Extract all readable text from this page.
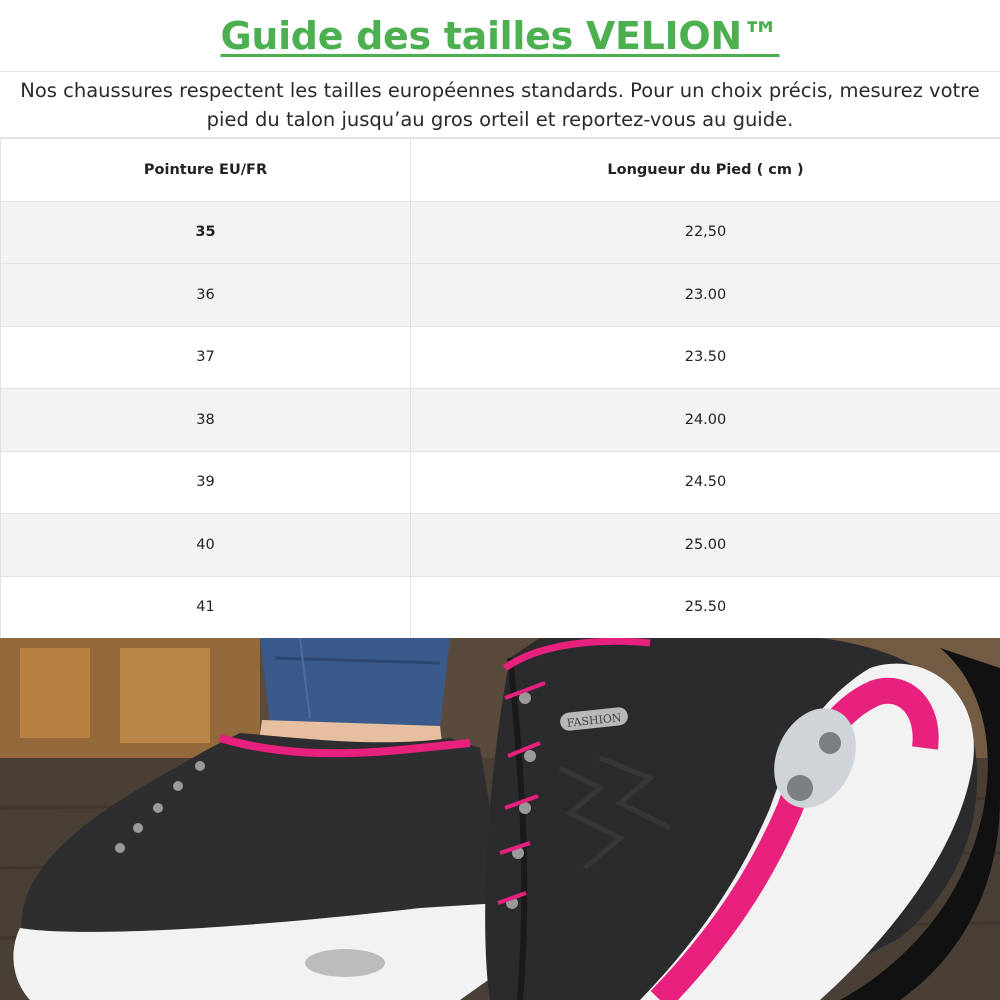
Guide des tailles VELION™

Nos chaussures respectent les tailles européennes standards. Pour un choix précis, mesurez votre pied du talon jusqu’au gros orteil et reportez-vous au guide.

Pointure EU/FR	Longueur du Pied ( cm )
35	22,50
36	23.00
37	23.50
38	24.00
39	24.50
40	25.00
41	25.50
FASHION
